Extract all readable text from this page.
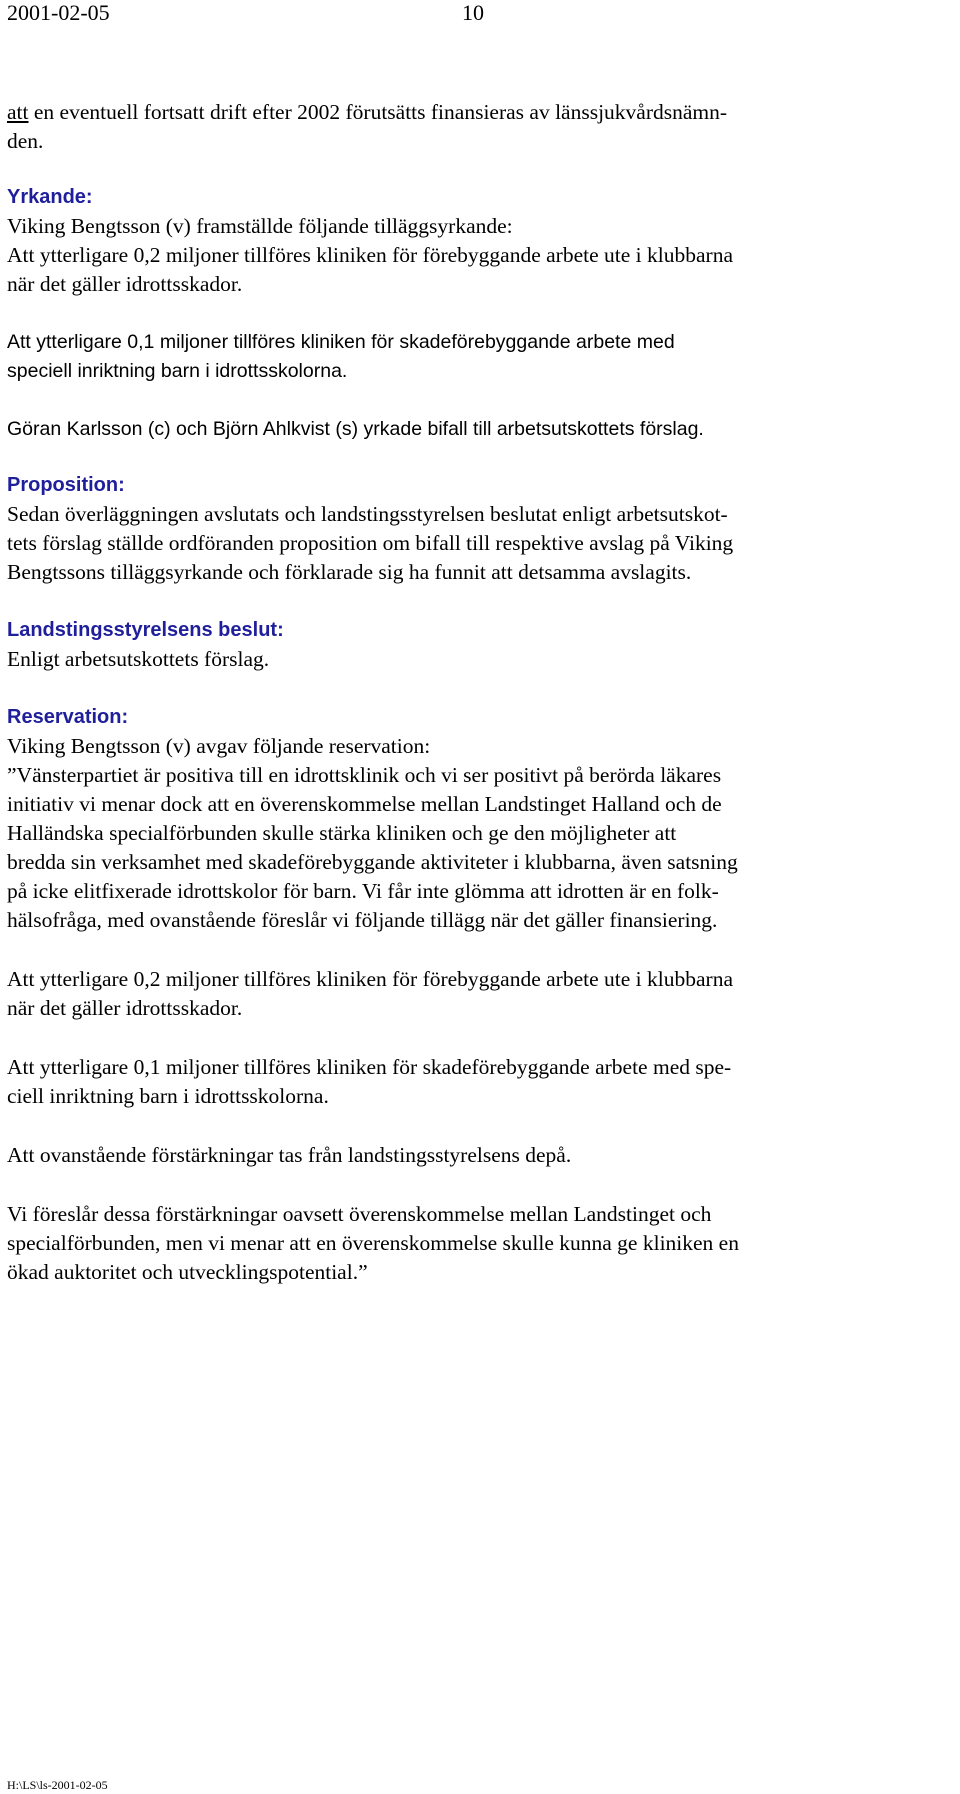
2001-02-05	10
att en eventuell fortsatt drift efter 2002 förutsätts finansieras av länssjukvårdsnämn-
den.
Yrkande:
Viking Bengtsson (v) framställde följande tilläggsyrkande:
Att ytterligare 0,2 miljoner tillföres kliniken för förebyggande arbete ute i klubbarna
när det gäller idrottsskador.
Att ytterligare 0,1 miljoner tillföres kliniken för skadeförebyggande arbete med
speciell inriktning barn i idrottsskolorna.
Göran Karlsson (c) och Björn Ahlkvist (s) yrkade bifall till arbetsutskottets förslag.
Proposition:
Sedan överläggningen avslutats och landstingsstyrelsen beslutat enligt arbetsutskot-
tets förslag ställde ordföranden proposition om bifall till respektive avslag på Viking
Bengtssons tilläggsyrkande och förklarade sig ha funnit att detsamma avslagits.
Landstingsstyrelsens beslut:
Enligt arbetsutskottets förslag.
Reservation:
Viking Bengtsson (v) avgav följande reservation:
”Vänsterpartiet är positiva till en idrottsklinik och vi ser positivt på berörda läkares
initiativ vi menar dock att en överenskommelse mellan Landstinget Halland och de
Halländska specialförbunden skulle stärka kliniken och ge den möjligheter att
bredda sin verksamhet med skadeförebyggande aktiviteter i klubbarna, även satsning
på icke elitfixerade idrottskolor för barn. Vi får inte glömma att idrotten är en folk-
hälsofråga, med ovanstående föreslår vi följande tillägg när det gäller finansiering.
Att ytterligare 0,2 miljoner tillföres kliniken för förebyggande arbete ute i klubbarna
när det gäller idrottsskador.
Att ytterligare 0,1 miljoner tillföres kliniken för skadeförebyggande arbete med spe-
ciell inriktning barn i idrottsskolorna.
Att ovanstående förstärkningar tas från landstingsstyrelsens depå.
Vi föreslår dessa förstärkningar oavsett överenskommelse mellan Landstinget och
specialförbunden, men vi menar att en överenskommelse skulle kunna ge kliniken en
ökad auktoritet och utvecklingspotential.”
H:\LS\ls-2001-02-05
